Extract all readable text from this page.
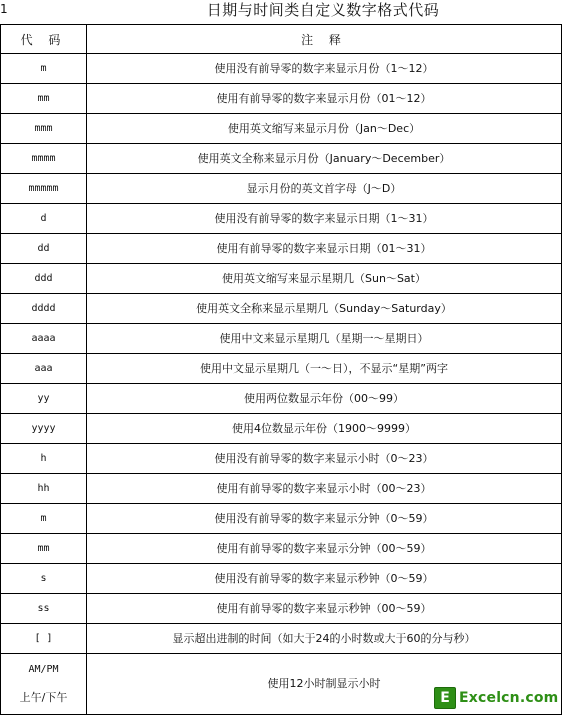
1	日期与时间类自定义数字格式代码
代 码	注 释
m	使用没有前导零的数字来显示月份（1～12）
mm	使用有前导零的数字来显示月份（01～12）
mmm	使用英文缩写来显示月份（Jan～Dec）
mmmm	使用英文全称来显示月份（January～December）
mmmmm	显示月份的英文首字母（J～D）
d	使用没有前导零的数字来显示日期（1～31）
dd	使用有前导零的数字来显示日期（01～31）
ddd	使用英文缩写来显示星期几（Sun～Sat）
dddd	使用英文全称来显示星期几（Sunday～Saturday）
aaaa	使用中文来显示星期几（星期一～星期日）
aaa	使用中文显示星期几（一～日），不显示“星期”两字
yy	使用两位数显示年份（00～99）
yyyy	使用4位数显示年份（1900～9999）
h	使用没有前导零的数字来显示小时（0～23）
hh	使用有前导零的数字来显示小时（00～23）
m	使用没有前导零的数字来显示分钟（0～59）
mm	使用有前导零的数字来显示分钟（00～59）
s	使用没有前导零的数字来显示秒钟（0～59）
ss	使用有前导零的数字来显示秒钟（00～59）
[ ]	显示超出进制的时间（如大于24的小时数或大于60的分与秒）

AM/PM
上午/下午	使用12小时制显示小时
E Excelcn.com
